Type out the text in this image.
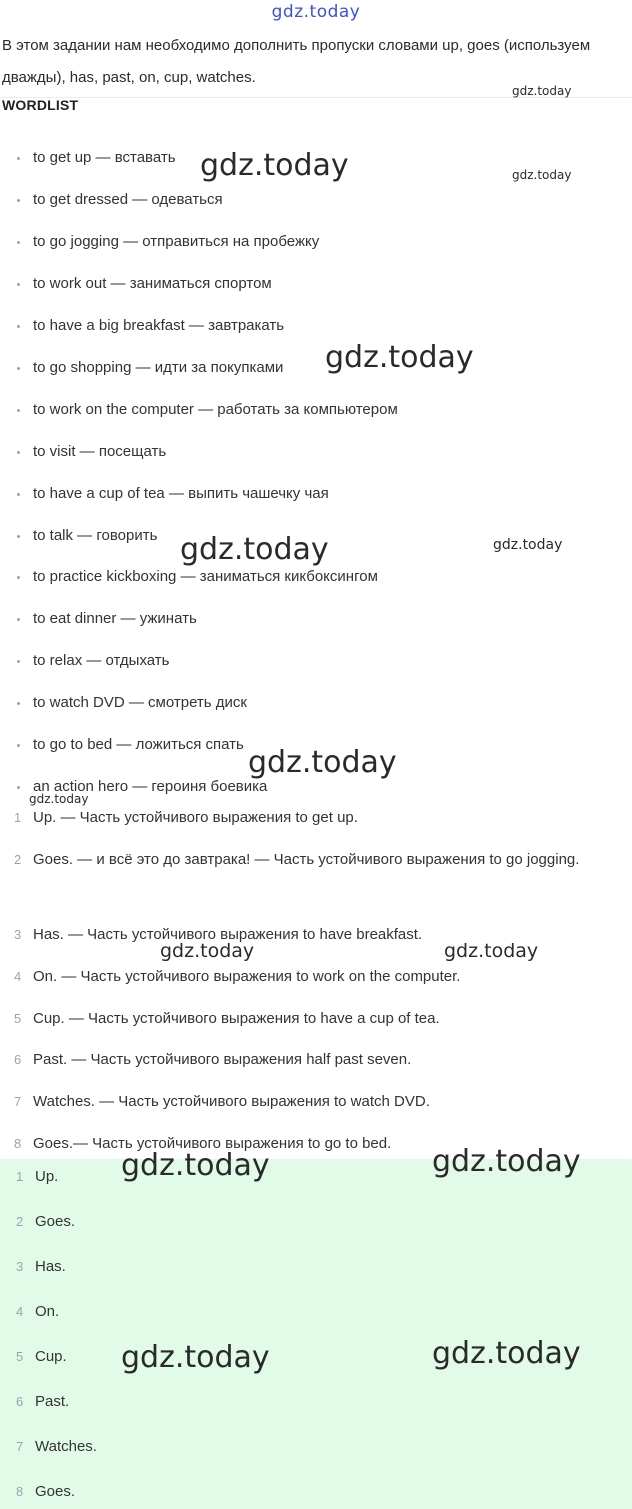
gdz.today
В этом задании нам необходимо дополнить пропуски словами up, goes (используем дважды), has, past, on, cup, watches.
WORDLIST
to get up — вставать
to get dressed — одеваться
to go jogging — отправиться на пробежку
to work out — заниматься спортом
to have a big breakfast — завтракать
to go shopping — идти за покупками
to work on the computer — работать за компьютером
to visit — посещать
to have a cup of tea — выпить чашечку чая
to talk — говорить
to practice kickboxing — заниматься кикбоксингом
to eat dinner — ужинать
to relax — отдыхать
to watch DVD — смотреть диск
to go to bed — ложиться спать
an action hero — героиня боевика
1 Up. — Часть устойчивого выражения to get up.
2 Goes. — и всё это до завтрака! — Часть устойчивого выражения to go jogging.
3 Has. — Часть устойчивого выражения to have breakfast.
4 On. — Часть устойчивого выражения to work on the computer.
5 Cup. — Часть устойчивого выражения to have a cup of tea.
6 Past. — Часть устойчивого выражения half past seven.
7 Watches. — Часть устойчивого выражения to watch DVD.
8 Goes.— Часть устойчивого выражения to go to bed.
1 Up.
2 Goes.
3 Has.
4 On.
5 Cup.
6 Past.
7 Watches.
8 Goes.
gdz.today
gdz.today	gdz.today
gdz.today
gdz.today	gdz.today
gdz.today
gdz.today
gdz.today	gdz.today
gdz.today	gdz.today
gdz.today	gdz.today
